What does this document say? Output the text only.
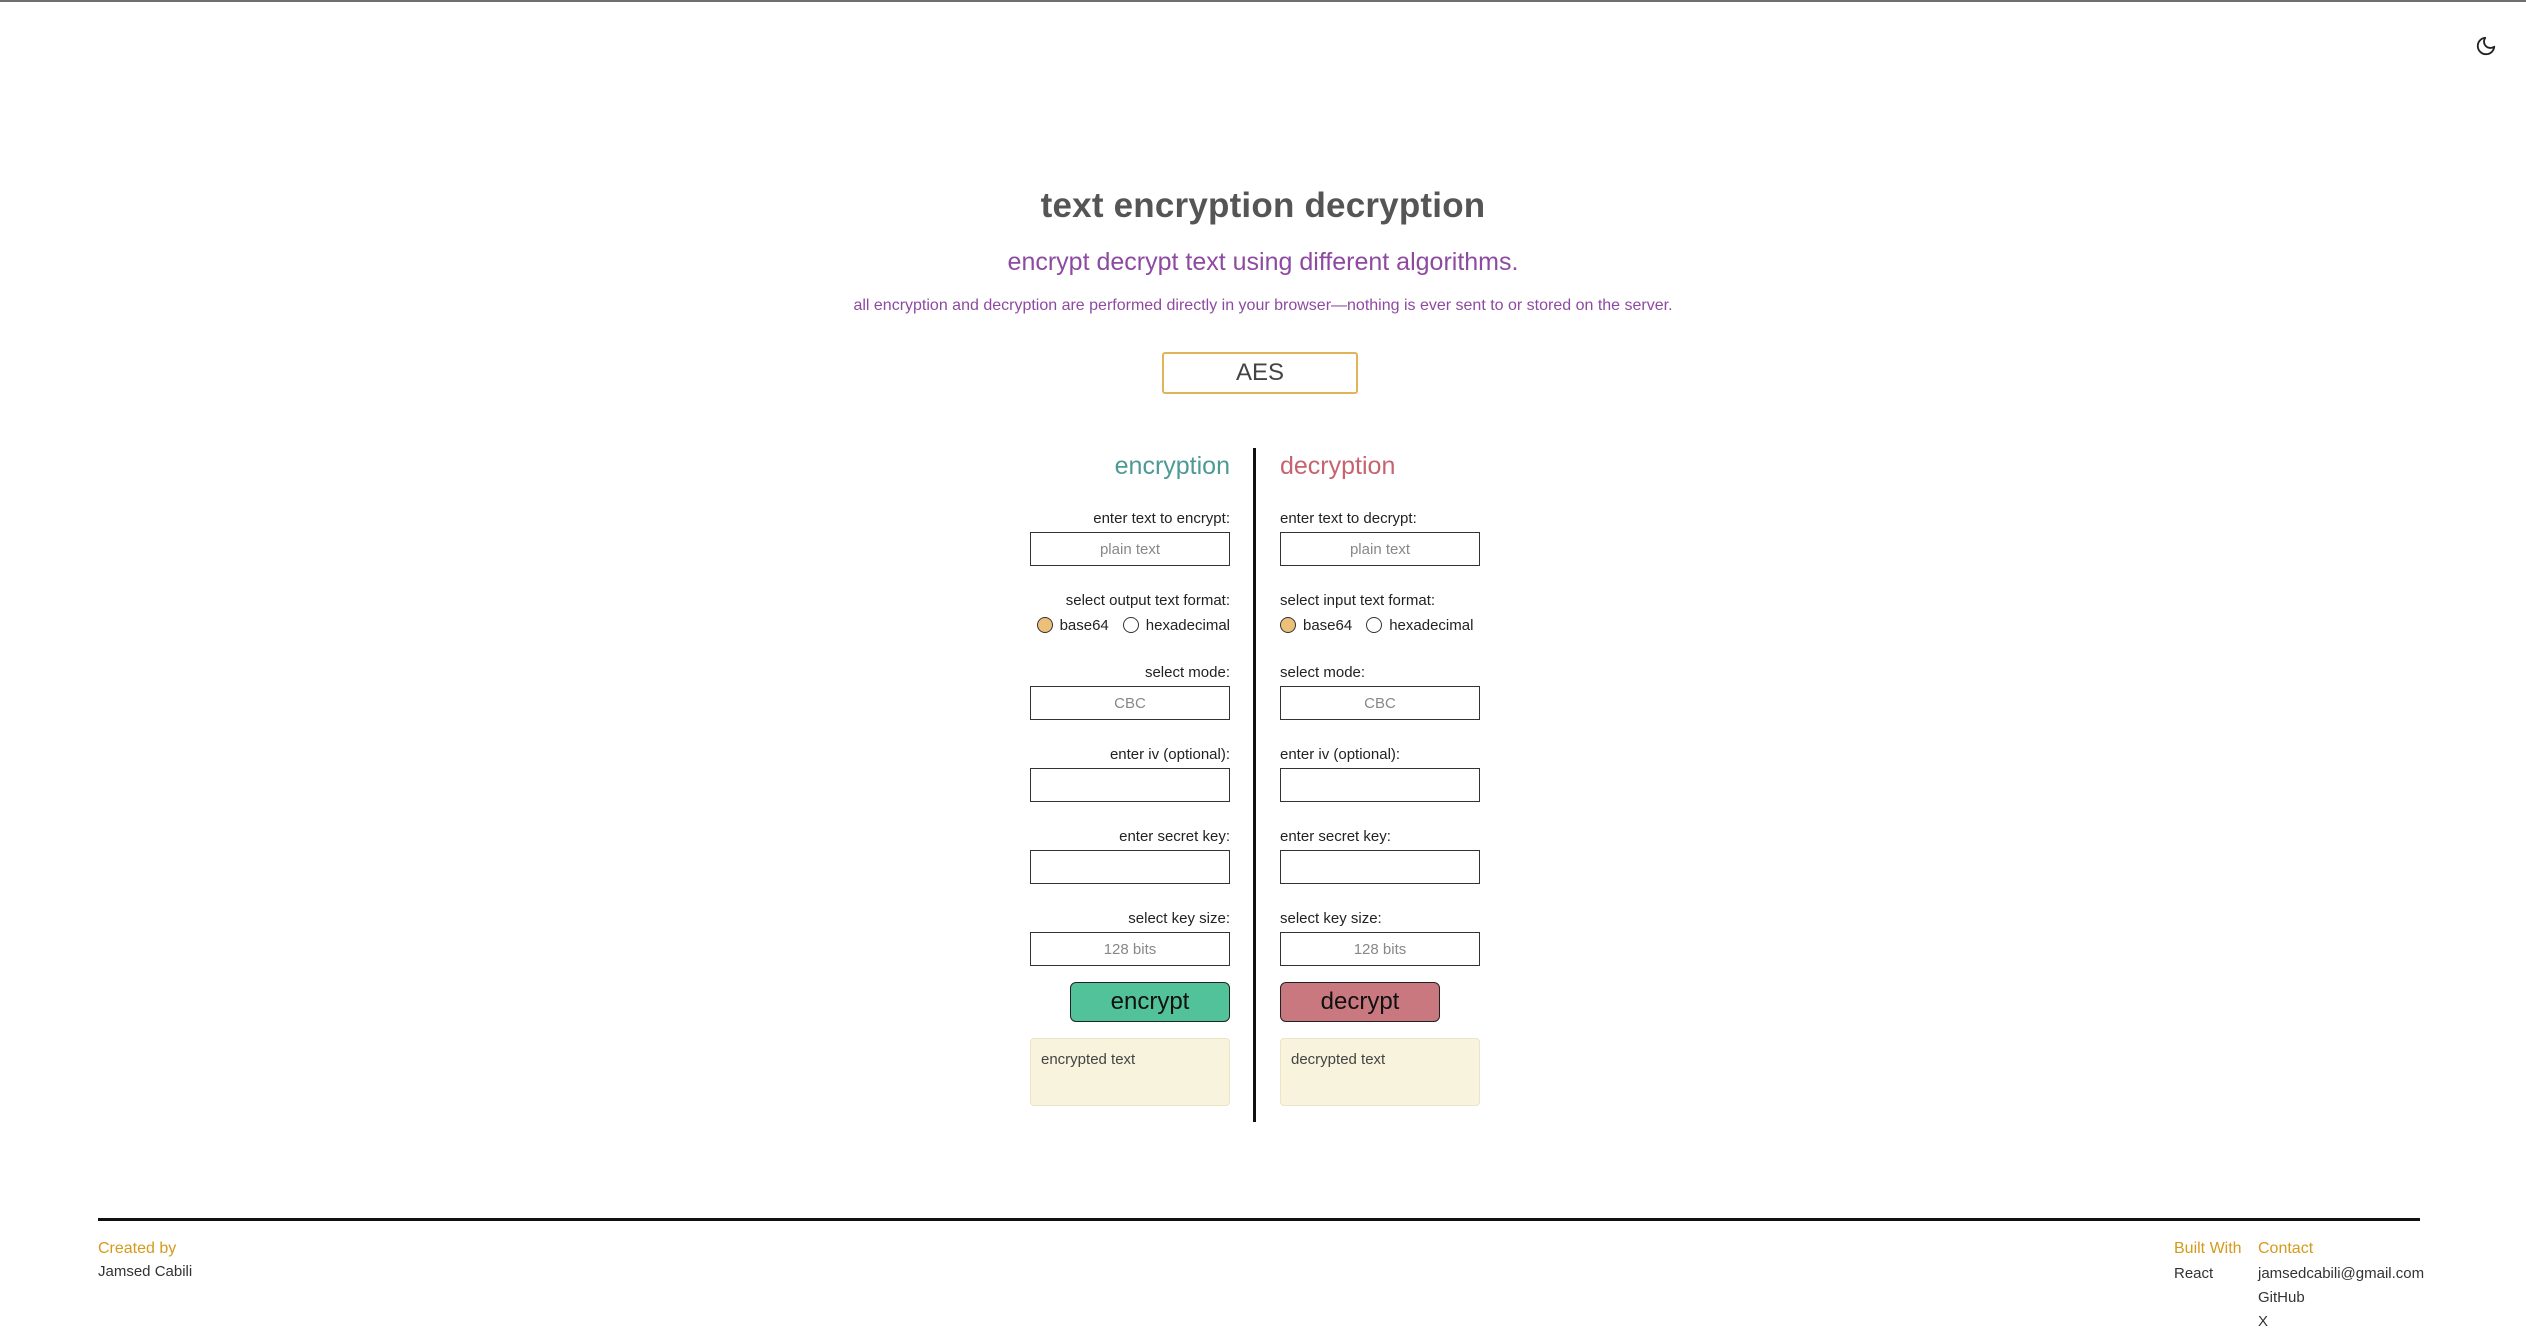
text encryption decryption
encrypt decrypt text using different algorithms.
all encryption and decryption are performed directly in your browser—nothing is ever sent to or stored on the server.
AES
encryption
enter text to encrypt:
plain text
select output text format:
base64 hexadecimal
select mode:
CBC
enter iv (optional):
enter secret key:
select key size:
128 bits
encrypt
encrypted text
decryption
enter text to decrypt:
plain text
select input text format:
base64 hexadecimal
select mode:
CBC
enter iv (optional):
enter secret key:
select key size:
128 bits
decrypt
decrypted text
Created by
Jamsed Cabili
Built With
React
Contact
jamsedcabili@gmail.com
GitHub
X
